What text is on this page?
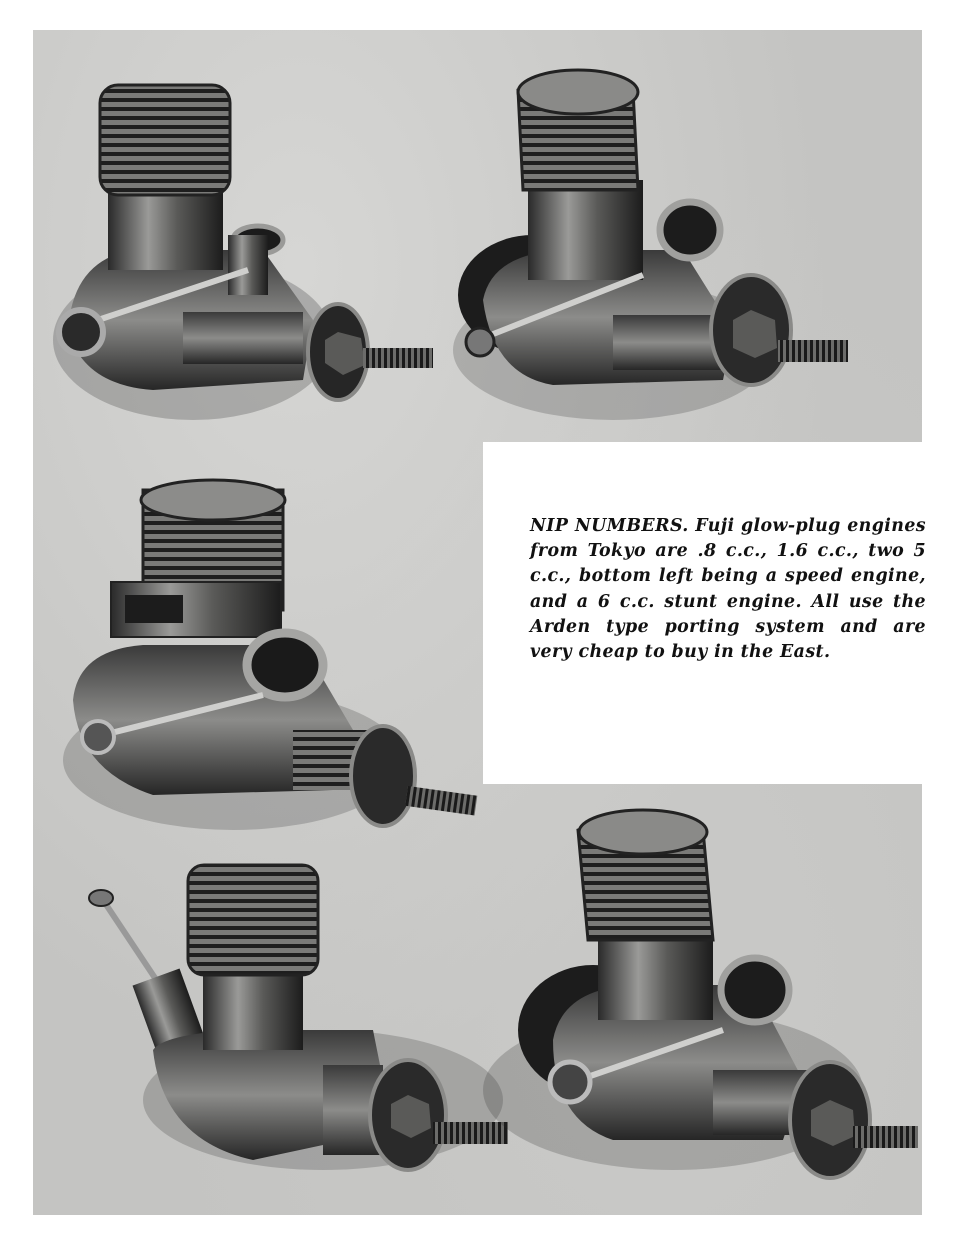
NIP NUMBERS. Fuji glow-plug engines from Tokyo are .8 c.c., 1.6 c.c., two 5 c.c., bottom left being a speed engine, and a 6 c.c. stunt engine. All use the Arden type porting system and are very cheap to buy in the East.
